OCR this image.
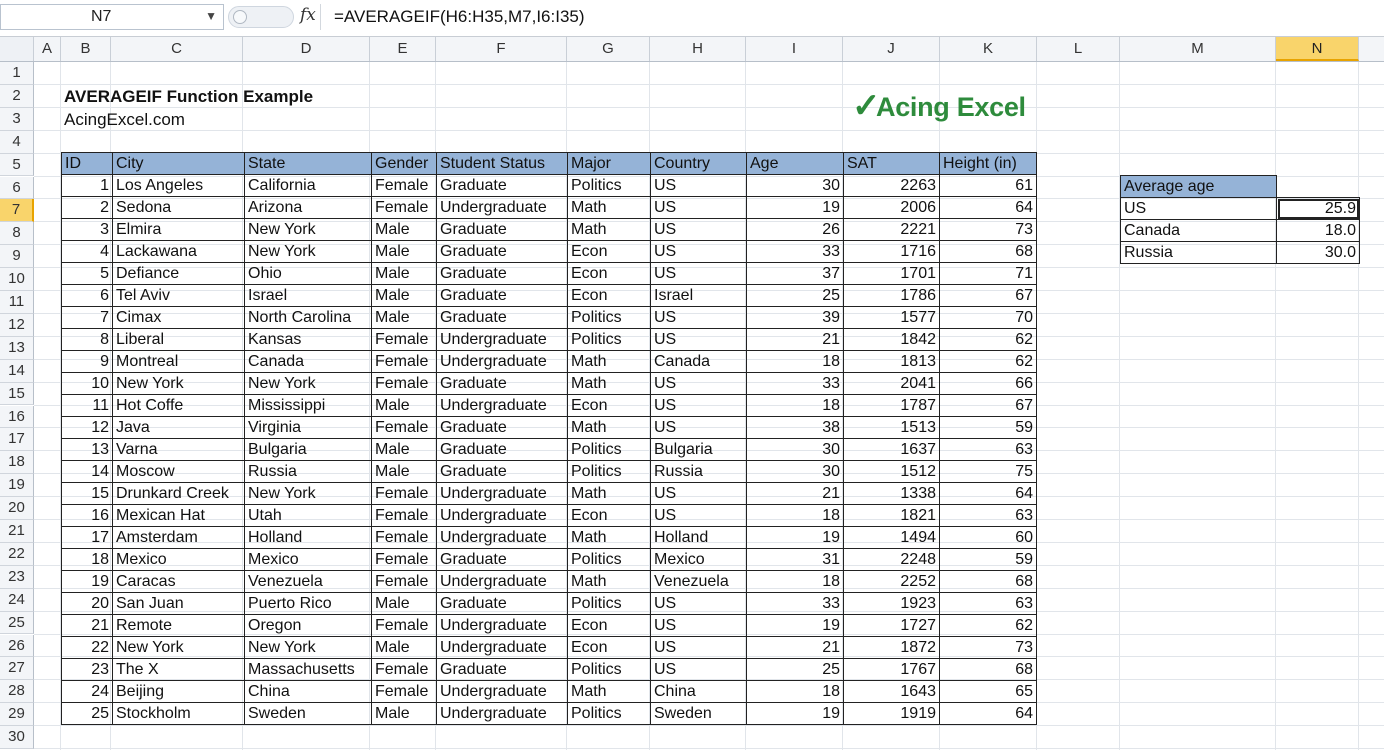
N7	▼	fx =AVERAGEIF(H6:H35,M7,I6:I35)
A	B	C	D	E	F	G	H	I	J	K	L	M	N
AVERAGEIF Function Example
AcingExcel.com	✓
Acing Excel
ID	City	State	Gender	Student Status	Major	Country	Age	SAT	Height (in)
1	Los Angeles	California	Female	Graduate	Politics	US	30	2263	61
2	Sedona	Arizona	Female	Undergraduate	Math	US	19	2006	64
3	Elmira	New York	Male	Graduate	Math	US	26	2221	73
4	Lackawana	New York	Male	Graduate	Econ	US	33	1716	68
5	Defiance	Ohio	Male	Graduate	Econ	US	37	1701	71
6	Tel Aviv	Israel	Male	Graduate	Econ	Israel	25	1786	67
7	Cimax	North Carolina	Male	Graduate	Politics	US	39	1577	70
8	Liberal	Kansas	Female	Undergraduate	Politics	US	21	1842	62
9	Montreal	Canada	Female	Undergraduate	Math	Canada	18	1813	62
10	New York	New York	Female	Graduate	Math	US	33	2041	66
11	Hot Coffe	Mississippi	Male	Undergraduate	Econ	US	18	1787	67
12	Java	Virginia	Female	Graduate	Math	US	38	1513	59
13	Varna	Bulgaria	Male	Graduate	Politics	Bulgaria	30	1637	63
14	Moscow	Russia	Male	Graduate	Politics	Russia	30	1512	75
15	Drunkard Creek	New York	Female	Undergraduate	Math	US	21	1338	64
16	Mexican Hat	Utah	Female	Undergraduate	Econ	US	18	1821	63
17	Amsterdam	Holland	Female	Undergraduate	Math	Holland	19	1494	60
18	Mexico	Mexico	Female	Graduate	Politics	Mexico	31	2248	59
19	Caracas	Venezuela	Female	Undergraduate	Math	Venezuela	18	2252	68
20	San Juan	Puerto Rico	Male	Graduate	Politics	US	33	1923	63
21	Remote	Oregon	Female	Undergraduate	Econ	US	19	1727	62
22	New York	New York	Male	Undergraduate	Econ	US	21	1872	73
23	The X	Massachusetts	Female	Graduate	Politics	US	25	1767	68
24	Beijing	China	Female	Undergraduate	Math	China	18	1643	65
25	Stockholm	Sweden	Male	Undergraduate	Politics	Sweden	19	1919	64
Average age	
US	25.9
Canada	18.0
Russia	30.0
1
2
3
4
5
6
7
8
9
10
11
12
13
14
15
16
17
18
19
20
21
22
23
24
25
26
27
28
29
30
